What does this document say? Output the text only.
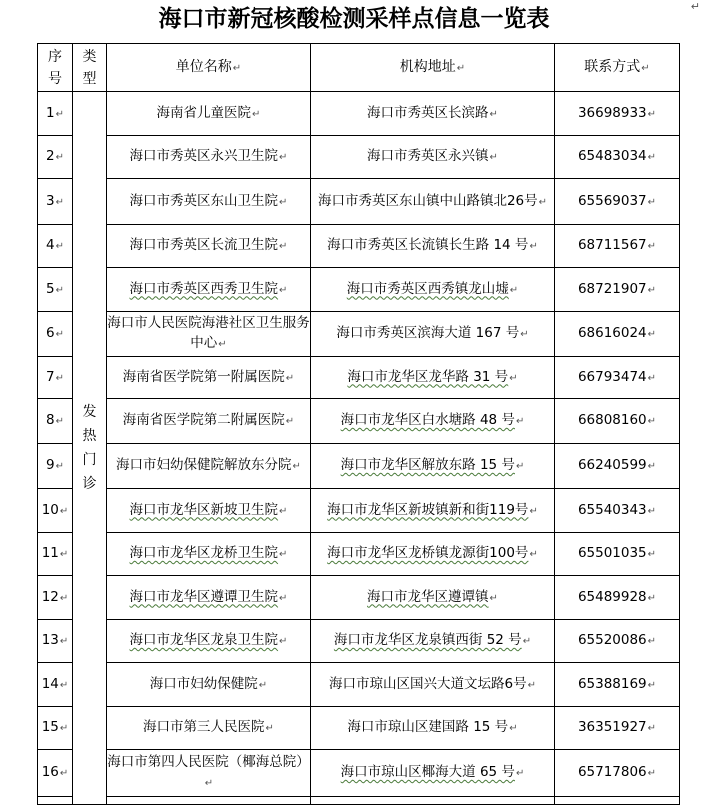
海口市新冠核酸检测采样点信息一览表	↵
序号	类型	单位名称↵	机构地址↵	联系方式↵
1↵	发热门诊	海南省儿童医院↵	海口市秀英区长滨路↵	36698933↵
2↵		海口市秀英区永兴卫生院↵	海口市秀英区永兴镇↵	65483034↵
3↵		海口市秀英区东山卫生院↵	海口市秀英区东山镇中山路镇北26号↵	65569037↵
4↵		海口市秀英区长流卫生院↵	海口市秀英区长流镇长生路 14 号↵	68711567↵
5↵		海口市秀英区西秀卫生院↵	海口市秀英区西秀镇龙山墟↵	68721907↵
6↵		海口市人民医院海港社区卫生服务中心↵	海口市秀英区滨海大道 167 号↵	68616024↵
7↵		海南省医学院第一附属医院↵	海口市龙华区龙华路 31 号↵	66793474↵
8↵		海南省医学院第二附属医院↵	海口市龙华区白水塘路 48 号↵	66808160↵
9↵		海口市妇幼保健院解放东分院↵	海口市龙华区解放东路 15 号↵	66240599↵
10↵		海口市龙华区新坡卫生院↵	海口市龙华区新坡镇新和街119号↵	65540343↵
11↵		海口市龙华区龙桥卫生院↵	海口市龙华区龙桥镇龙源街100号↵	65501035↵
12↵		海口市龙华区遵谭卫生院↵	海口市龙华区遵谭镇↵	65489928↵
13↵		海口市龙华区龙泉卫生院↵	海口市龙华区龙泉镇西街 52 号↵	65520086↵
14↵		海口市妇幼保健院↵	海口市琼山区国兴大道文坛路6号↵	65388169↵
15↵		海口市第三人民医院↵	海口市琼山区建国路 15 号↵	36351927↵
16↵		海口市第四人民医院（椰海总院）↵	海口市琼山区椰海大道 65 号↵	65717806↵
